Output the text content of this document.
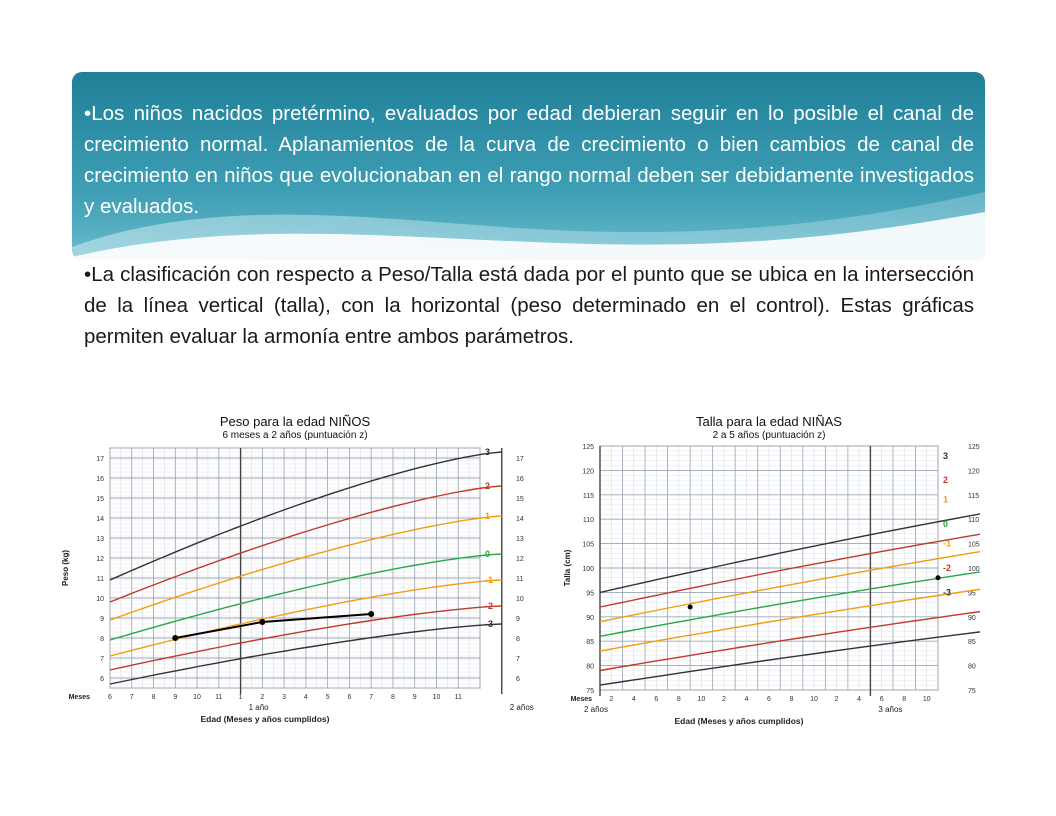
•Los niños nacidos pretérmino, evaluados por edad debieran seguir en lo posible el canal de crecimiento normal. Aplanamientos de la curva de crecimiento o bien cambios de canal de crecimiento en niños que evolucionaban en el rango normal deben ser debidamente investigados y evaluados.

•La clasificación con respecto a Peso/Talla está dada por el punto que se ubica en la intersección de la línea vertical (talla), con la horizontal (peso determinado en el control). Estas gráficas permiten evaluar la armonía entre ambos parámetros.

Peso para la edad NIÑOS
6 meses a 2 años (puntuación z)
6	6
7	7
8	8
9	9
10	10
11	11
12	12
13	13
14	14
15	15
16	16
17	17
Peso (kg)
6	7	8	9 10 11 1	2	3	4	5	6	7	8	9 10 11
Meses
1 año	2 años
Edad (Meses y años cumplidos)
3
2
1
0
-1
-2
-3
Talla para la edad NIÑAS
2 a 5 años (puntuación z)
75	75
80	80
85	85
90	90
95	95
100	100
105	105
110	110
115	115
120	120
125	125
Talla (cm)
2	4	6	8 10 2	4	6	8 10 2	4	6	8 10
Meses
2 años	3 años
Edad (Meses y años cumplidos)
3
2
1
0
-1
-2
-3
